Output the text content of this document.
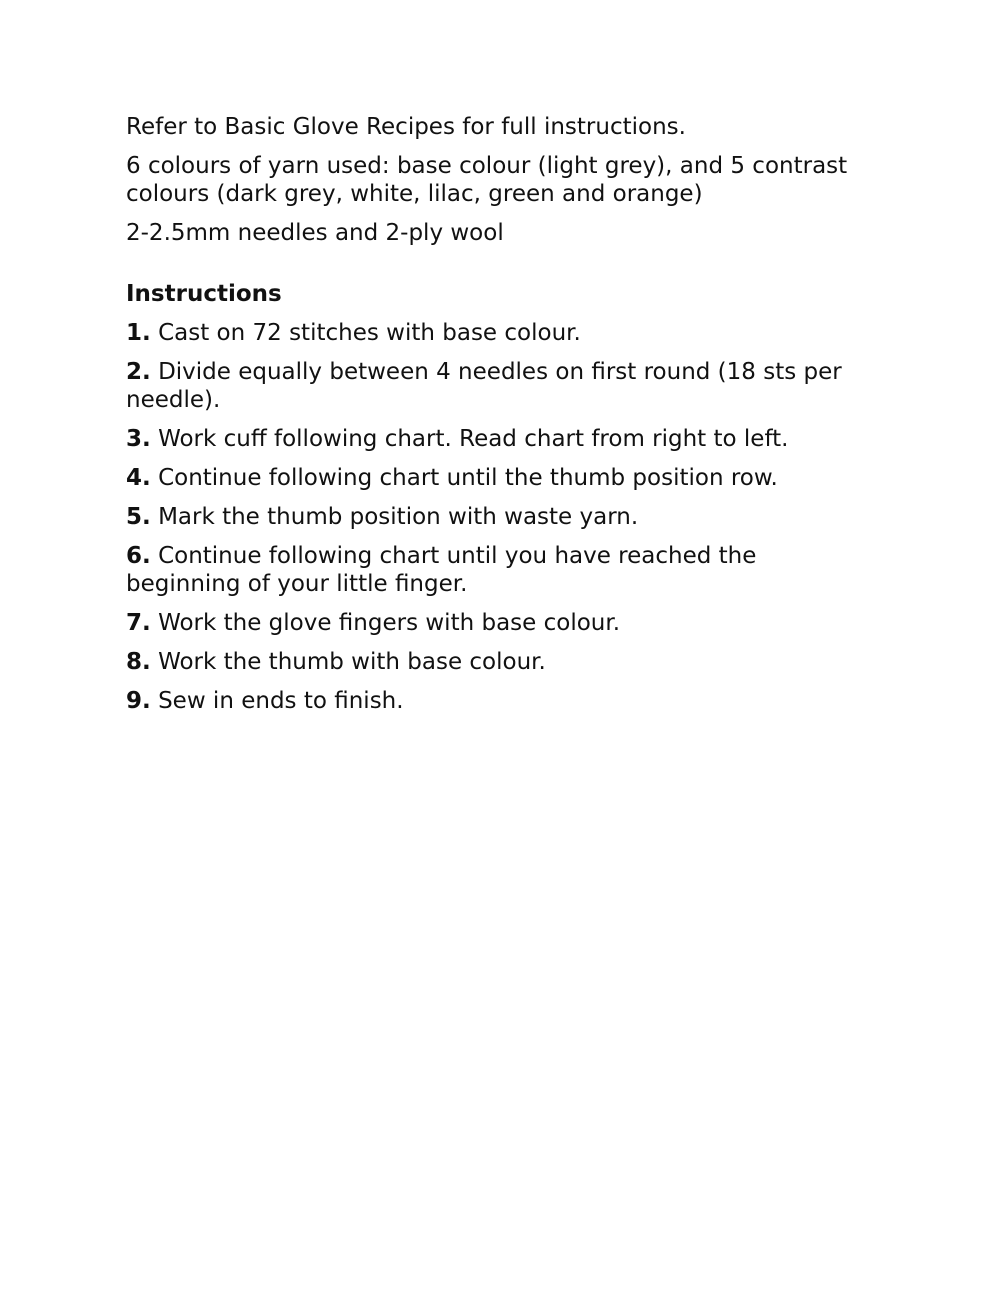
Refer to Basic Glove Recipes for full instructions.

6 colours of yarn used: base colour (light grey), and 5 contrast colours (dark grey, white, lilac, green and orange)

2-2.5mm needles and 2-ply wool

Instructions

1. Cast on 72 stitches with base colour.
2. Divide equally between 4 needles on first round (18 sts per needle).
3. Work cuff following chart. Read chart from right to left.
4. Continue following chart until the thumb position row.
5. Mark the thumb position with waste yarn.
6. Continue following chart until you have reached the beginning of your little finger.
7. Work the glove fingers with base colour.
8. Work the thumb with base colour.
9. Sew in ends to finish.
